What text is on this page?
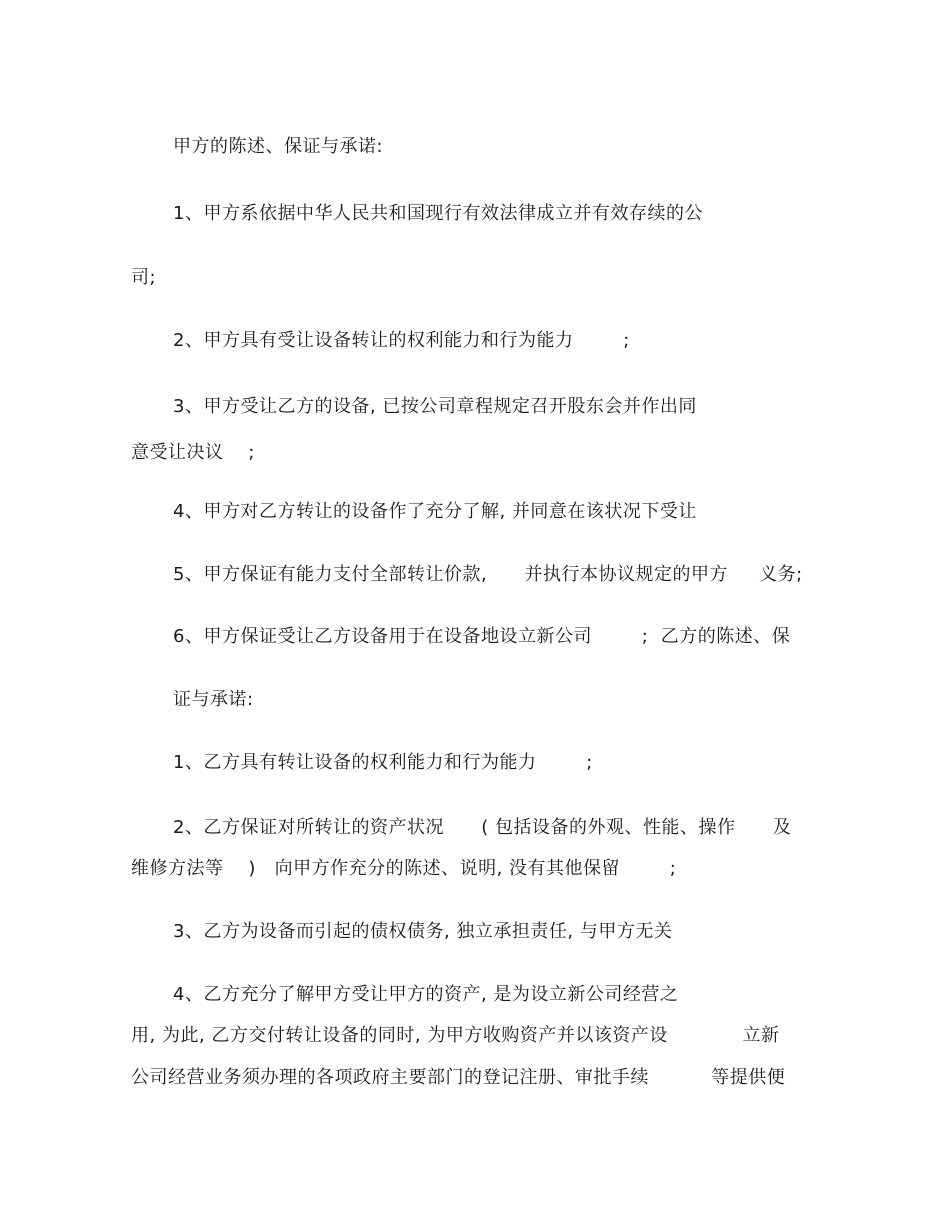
甲方的陈述、保证与承诺:
1、甲方系依据中华人民共和国现行有效法律成立并有效存续的公
司;
2、甲方具有受让设备转让的权利能力和行为能力        ;
3、甲方受让乙方的设备, 已按公司章程规定召开股东会并作出同
意受让决议    ;
4、甲方对乙方转让的设备作了充分了解, 并同意在该状况下受让
5、甲方保证有能力支付全部转让价款,      并执行本协议规定的甲方     义务;
6、甲方保证受让乙方设备用于在设备地设立新公司        ;  乙方的陈述、保
证与承诺:
1、乙方具有转让设备的权利能力和行为能力        ;
2、乙方保证对所转让的资产状况      ( 包括设备的外观、性能、操作      及
维修方法等    )   向甲方作充分的陈述、说明, 没有其他保留        ;
3、乙方为设备而引起的债权债务, 独立承担责任, 与甲方无关
4、乙方充分了解甲方受让甲方的资产, 是为设立新公司经营之
用, 为此, 乙方交付转让设备的同时, 为甲方收购资产并以该资产设            立新
公司经营业务须办理的各项政府主要部门的登记注册、审批手续          等提供便
